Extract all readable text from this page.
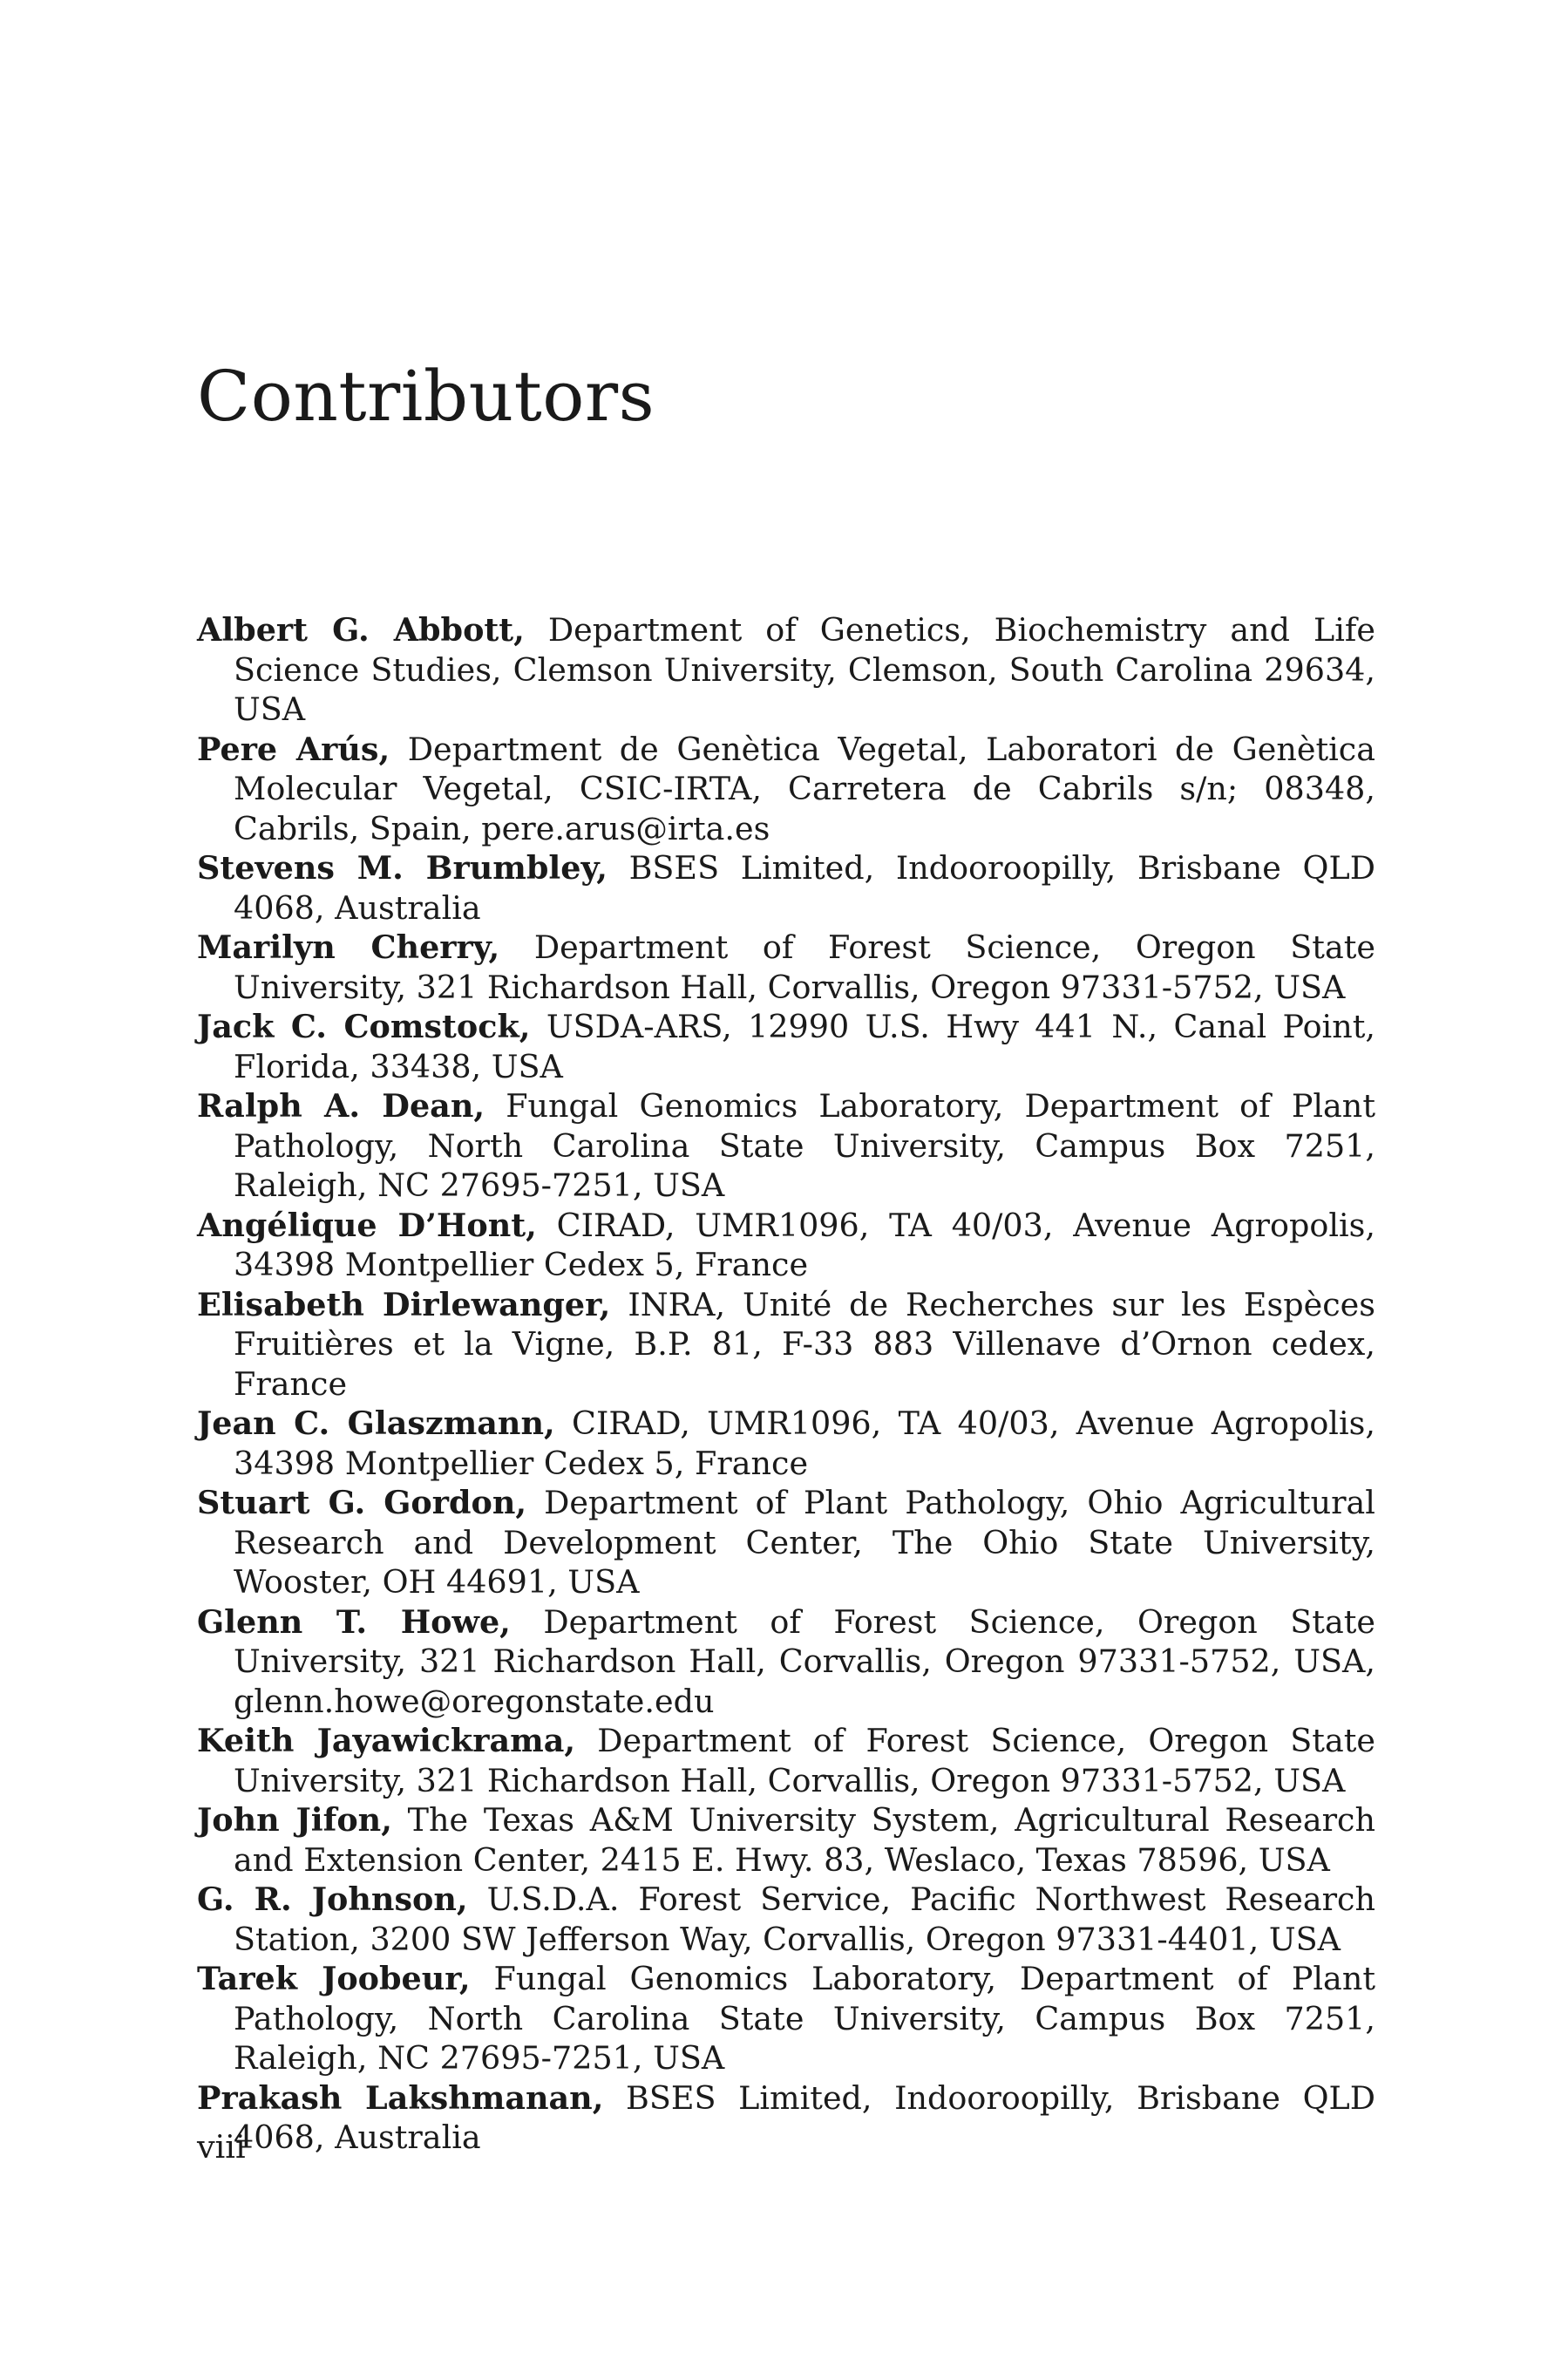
Contributors
Albert G. Abbott, Department of Genetics, Biochemistry and Life Science Studies, Clemson University, Clemson, South Carolina 29634, USA
Pere Arús, Department de Genètica Vegetal, Laboratori de Genètica Molecular Vegetal, CSIC-IRTA, Carretera de Cabrils s/n; 08348, Cabrils, Spain, pere.arus@irta.es
Stevens M. Brumbley, BSES Limited, Indooroopilly, Brisbane QLD 4068, Australia
Marilyn Cherry, Department of Forest Science, Oregon State University, 321 Richardson Hall, Corvallis, Oregon 97331-5752, USA
Jack C. Comstock, USDA-ARS, 12990 U.S. Hwy 441 N., Canal Point, Florida, 33438, USA
Ralph A. Dean, Fungal Genomics Laboratory, Department of Plant Pathology, North Carolina State University, Campus Box 7251, Raleigh, NC 27695-7251, USA
Angélique D’Hont, CIRAD, UMR1096, TA 40/03, Avenue Agropolis, 34398 Montpellier Cedex 5, France
Elisabeth Dirlewanger, INRA, Unité de Recherches sur les Espèces Fruitières et la Vigne, B.P. 81, F-33 883 Villenave d’Ornon cedex, France
Jean C. Glaszmann, CIRAD, UMR1096, TA 40/03, Avenue Agropolis, 34398 Montpellier Cedex 5, France
Stuart G. Gordon, Department of Plant Pathology, Ohio Agricultural Research and Development Center, The Ohio State University, Wooster, OH 44691, USA
Glenn T. Howe, Department of Forest Science, Oregon State University, 321 Richardson Hall, Corvallis, Oregon 97331-5752, USA, glenn.howe@oregonstate.edu
Keith Jayawickrama, Department of Forest Science, Oregon State University, 321 Richardson Hall, Corvallis, Oregon 97331-5752, USA
John Jifon, The Texas A&M University System, Agricultural Research and Extension Center, 2415 E. Hwy. 83, Weslaco, Texas 78596, USA
G. R. Johnson, U.S.D.A. Forest Service, Pacific Northwest Research Station, 3200 SW Jefferson Way, Corvallis, Oregon 97331-4401, USA
Tarek Joobeur, Fungal Genomics Laboratory, Department of Plant Pathology, North Carolina State University, Campus Box 7251, Raleigh, NC 27695-7251, USA
Prakash Lakshmanan, BSES Limited, Indooroopilly, Brisbane QLD 4068, Australia

viii
